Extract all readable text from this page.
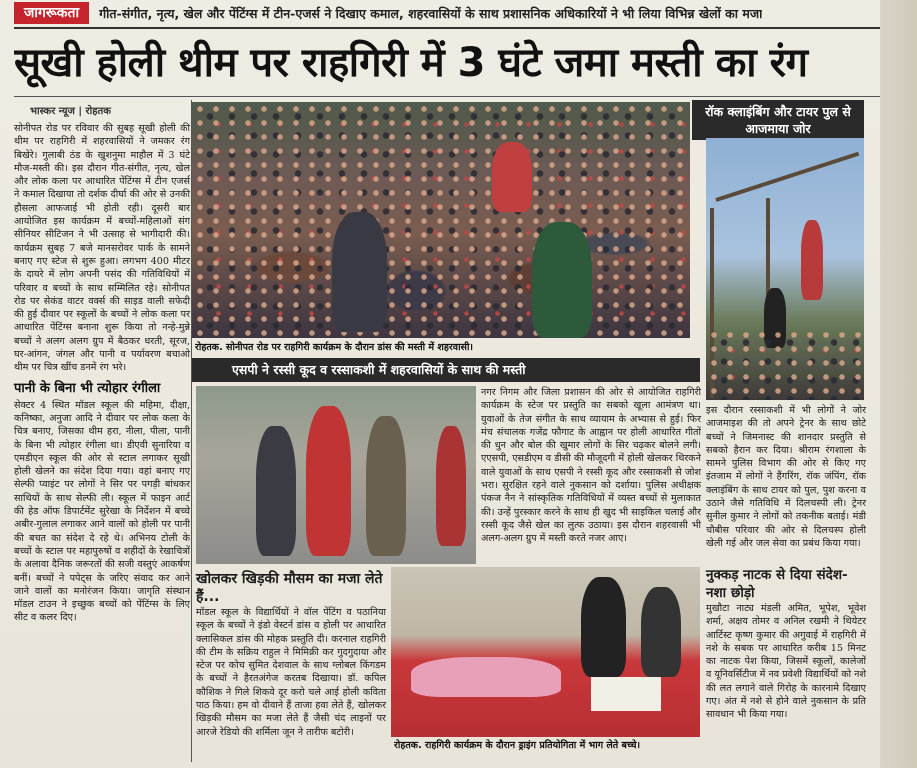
जागरूकता	गीत-संगीत, नृत्य, खेल और पेंटिंग्स में टीन-एजर्स ने दिखाए कमाल, शहरवासियों के साथ प्रशासनिक अधिकारियों ने भी लिया विभिन्न खेलों का मजा
सूखी होली थीम पर राहगिरी में 3 घंटे जमा मस्ती का रंग
भास्कर न्यूज | रोहतक

सोनीपत रोड पर रविवार की सुबह सूखी होली की थीम पर राहगिरी में शहरवासियों ने जमकर रंग बिखेरे। गुलाबी ठंड के खुशनुमा माहौल में 3 घंटे मौज-मस्ती की। इस दौरान गीत-संगीत, नृत्य, खेल और लोक कला पर आधारित पेंटिंग्स में टीन एजर्स ने कमाल दिखाया तो दर्शक दीर्घा की ओर से उनकी हौसला आफजाई भी होती रही। दूसरी बार आयोजित इस कार्यक्रम में बच्चों-महिलाओं संग सीनियर सीटिजन ने भी उत्साह से भागीदारी की। कार्यक्रम सुबह 7 बजे मानसरोवर पार्क के सामने बनाए गए स्टेज से शुरू हुआ। लगभग 400 मीटर के दायरे में लोग अपनी पसंद की गतिविधियों में परिवार व बच्चों के साथ सम्मिलित रहे। सोनीपत रोड पर सेकंड वाटर वर्क्स की साइड वाली सफेदी की हुई दीवार पर स्कूलों के बच्चों ने लोक कला पर आधारित पेंटिंग्स बनाना शुरू किया तो नन्हे-मुन्ने बच्चों ने अलग अलग ग्रुप में बैठकर धरती, सूरज, घर-आंगन, जंगल और पानी व पर्यावरण बचाओ थीम पर चित्र खींच डनमें रंग भरे।

पानी के बिना भी त्योहार रंगीला

सेक्टर 4 स्थित मॉडल स्कूल की महिमा, दीक्षा, कनिष्का, अनुजा आदि ने दीवार पर लोक कला के चित्र बनाए, जिसका थीम हरा, नीला, पीला, पानी के बिना भी त्योहार रंगीला था। डीएवी सुनारिया व एमडीएन स्कूल की ओर से स्टाल लगाकर सूखी होली खेलने का संदेश दिया गया। वहां बनाए गए सेल्फी प्वाइंट पर लोगों ने सिर पर पगड़ी बांधकर साथियों के साथ सेल्फी ली। स्कूल में फाइन आर्ट की हेड ऑफ डिपार्टमेंट सुरेखा के निर्देशन में बच्चे अबीर-गुलाल लगाकर आने वालों को होली पर पानी की बचत का संदेश दे रहे थे। अभिनय टोली के बच्चों के स्टाल पर महापुरुषों व शहीदों के रेखाचित्रों के अलावा दैनिक जरूरतों की सजी वस्तुएं आकर्षण बनीं। बच्चों ने पपेट्स के जरिए संवाद कर आने जाने वालों का मनोरंजन किया। जागृति संस्थान मॉडल टाउन ने इच्छुक बच्चों को पेंटिंग्स के लिए सीट व कलर दिए।

रोहतक. सोनीपत रोड पर राहगिरी कार्यक्रम के दौरान डांस की मस्ती में शहरवासी।
रॉक क्लाइंबिंग और टायर पुल से आजमाया जोर

इस दौरान रस्साकशी में भी लोगों ने जोर आजमाइश की तो अपने ट्रेनर के साथ छोटे बच्चों ने जिमनास्ट की शानदार प्रस्तुति से सबको हैरान कर दिया। श्रीराम रंगशाला के सामने पुलिस विभाग की ओर से किए गए इंतजाम में लोगों ने हैंगरिंग, रॉक जंपिंग, रॉक क्लाइंबिंग के साथ टायर को पुल, पुश करना व उठाने जैसे गतिविधि में दिलचस्पी ली। ट्रेनर सुनील कुमार ने लोगों को तकनीक बताई। मंडी चौबीस परिवार की ओर से दिलचस्प होली खेली गई और जल सेवा का प्रबंध किया गया।

एसपी ने रस्सी कूद व रस्साकशी में शहरवासियों के साथ की मस्ती

नगर निगम और जिला प्रशासन की ओर से आयोजित राहगिरी कार्यक्रम के स्टेज पर प्रस्तुति का सबको खूला आमंत्रण था। युवाओं के तेज संगीत के साथ व्यायाम के अभ्यास से हुई। फिर मंच संचालक गजेंद्र फौगाट के आह्वान पर होली आधारित गीतों की धुन और बोल की खुमार लोगों के सिर चढ़कर बोलने लगी। एएसपी, एसडीएम व डीसी की मौजूदगी में होली खेलकर थिरकने वाले युवाओं के साथ एसपी ने रस्सी कूद और रस्साकशी से जोश भरा। सुरक्षित रहने वाले नुकसान को दर्शाया। पुलिस अधीक्षक पंकज नैन ने सांस्कृतिक गतिविधियों में व्यस्त बच्चों से मुलाकात की। उन्हें पुरस्कार करने के साथ ही खुद भी साइकिल चलाई और रस्सी कूद जैसे खेल का लुत्फ उठाया। इस दौरान शहरवासी भी अलग-अलग ग्रुप में मस्ती करते नजर आए।

खोलकर खिड़की मौसम का मजा लेते हैं...

मॉडल स्कूल के विद्यार्थियों ने वॉल पेंटिंग व पठानिया स्कूल के बच्चों ने इंडो वेस्टर्न डांस व होली पर आधारित क्लासिकल डांस की मोहक प्रस्तुति दी। करनाल राहगिरी की टीम के सक्रिय राहुल ने मिमिक्री कर गुदगुदाया और स्टेज पर कोच सुमित देशवाल के साथ ग्लोबल किंगडम के बच्चों ने हैरतअंगेज करतब दिखाया। डॉ. कपिल कौशिक ने गिले शिकवे दूर करो चले आई होली कविता पाठ किया। हम वो दीवाने हैं ताजा हवा लेते हैं, खोलकर खिड़की मौसम का मजा लेते हैं जैसी चंद लाइनों पर आरजे रेडियो की शर्मिला जून ने तारीफ बटोरी।

रोहतक. राहगिरी कार्यक्रम के दौरान ड्राइंग प्रतियोगिता में भाग लेते बच्चे।
नुक्कड़ नाटक से दिया संदेश-नशा छोड़ो

मुखौटा नाट्य मंडली अमित, भूपेश, भूवेश शर्मा, अक्षय तोमर व अनिल रखमी ने थियेटर आर्टिस्ट कृष्ण कुमार की अगुवाई में राहगिरी में नशे के सबक पर आधारित करीब 15 मिनट का नाटक पेश किया, जिसमें स्कूलों, कालेजों व यूनिवर्सिटीज में नव प्रवेशी विद्यार्थियों को नशे की लत लगाने वाले गिरोह के कारनामे दिखाए गए। अंत में नशे से होने वाले नुकसान के प्रति सावधान भी किया गया।
